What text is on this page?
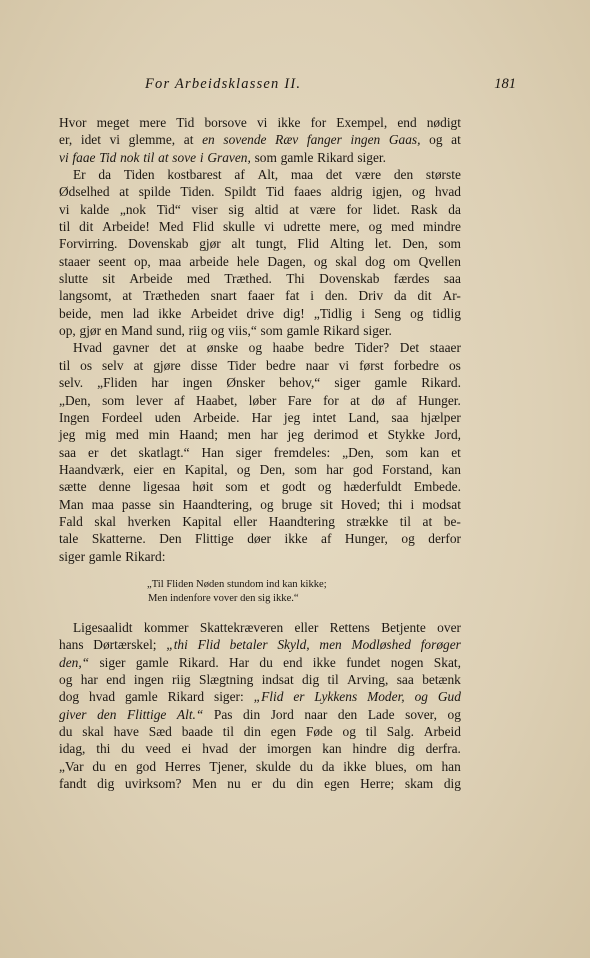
For Arbeidsklassen II.	181
Hvor meget mere Tid borsove vi ikke for Exempel, end nødigt
er, idet vi glemme, at en sovende Ræv fanger ingen Gaas, og at
vi faae Tid nok til at sove i Graven, som gamle Rikard siger.
Er da Tiden kostbarest af Alt, maa det være den største
Ødselhed at spilde Tiden. Spildt Tid faaes aldrig igjen, og hvad
vi kalde „nok Tid“ viser sig altid at være for lidet. Rask da
til dit Arbeide! Med Flid skulle vi udrette mere, og med mindre
Forvirring. Dovenskab gjør alt tungt, Flid Alting let. Den, som
staaer seent op, maa arbeide hele Dagen, og skal dog om Qvellen
slutte sit Arbeide med Træthed. Thi Dovenskab færdes saa
langsomt, at Trætheden snart faaer fat i den. Driv da dit Ar-
beide, men lad ikke Arbeidet drive dig! „Tidlig i Seng og tidlig
op, gjør en Mand sund, riig og viis,“ som gamle Rikard siger.
Hvad gavner det at ønske og haabe bedre Tider? Det staaer
til os selv at gjøre disse Tider bedre naar vi først forbedre os
selv. „Fliden har ingen Ønsker behov,“ siger gamle Rikard.
„Den, som lever af Haabet, løber Fare for at dø af Hunger.
Ingen Fordeel uden Arbeide. Har jeg intet Land, saa hjælper
jeg mig med min Haand; men har jeg derimod et Stykke Jord,
saa er det skatlagt.“ Han siger fremdeles: „Den, som kan et
Haandværk, eier en Kapital, og Den, som har god Forstand, kan
sætte denne ligesaa høit som et godt og hæderfuldt Embede.
Man maa passe sin Haandtering, og bruge sit Hoved; thi i modsat
Fald skal hverken Kapital eller Haandtering strække til at be-
tale Skatterne. Den Flittige døer ikke af Hunger, og derfor
siger gamle Rikard:
„Til Fliden Nøden stundom ind kan kikke;
Men indenfore vover den sig ikke.“
Ligesaalidt kommer Skattekræveren eller Rettens Betjente over
hans Dørtærskel; „thi Flid betaler Skyld, men Modløshed forøger
den,“ siger gamle Rikard. Har du end ikke fundet nogen Skat,
og har end ingen riig Slægtning indsat dig til Arving, saa betænk
dog hvad gamle Rikard siger: „Flid er Lykkens Moder, og Gud
giver den Flittige Alt.“ Pas din Jord naar den Lade sover, og
du skal have Sæd baade til din egen Føde og til Salg. Arbeid
idag, thi du veed ei hvad der imorgen kan hindre dig derfra.
„Var du en god Herres Tjener, skulde du da ikke blues, om han
fandt dig uvirksom? Men nu er du din egen Herre; skam dig
